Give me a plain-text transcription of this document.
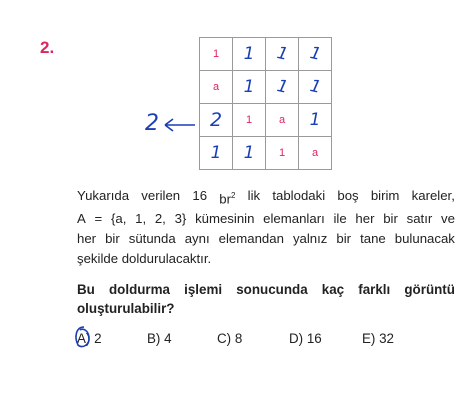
2.	1 1 1 1
a 1 1 1
2 1 a 1
1 1 1 a
2
Yukarıda verilen 16 $br^2$ lik tablodaki boş birim kareler,
A = {a, 1, 2, 3} kümesinin elemanları ile her bir satır ve
her bir sütunda aynı elemandan yalnız bir tane bulunacak
şekilde doldurulacaktır.
Bu doldurma işlemi sonucunda kaç farklı görüntü
oluşturulabilir?
A) 2	B) 4	C) 8	D) 16	E) 32
